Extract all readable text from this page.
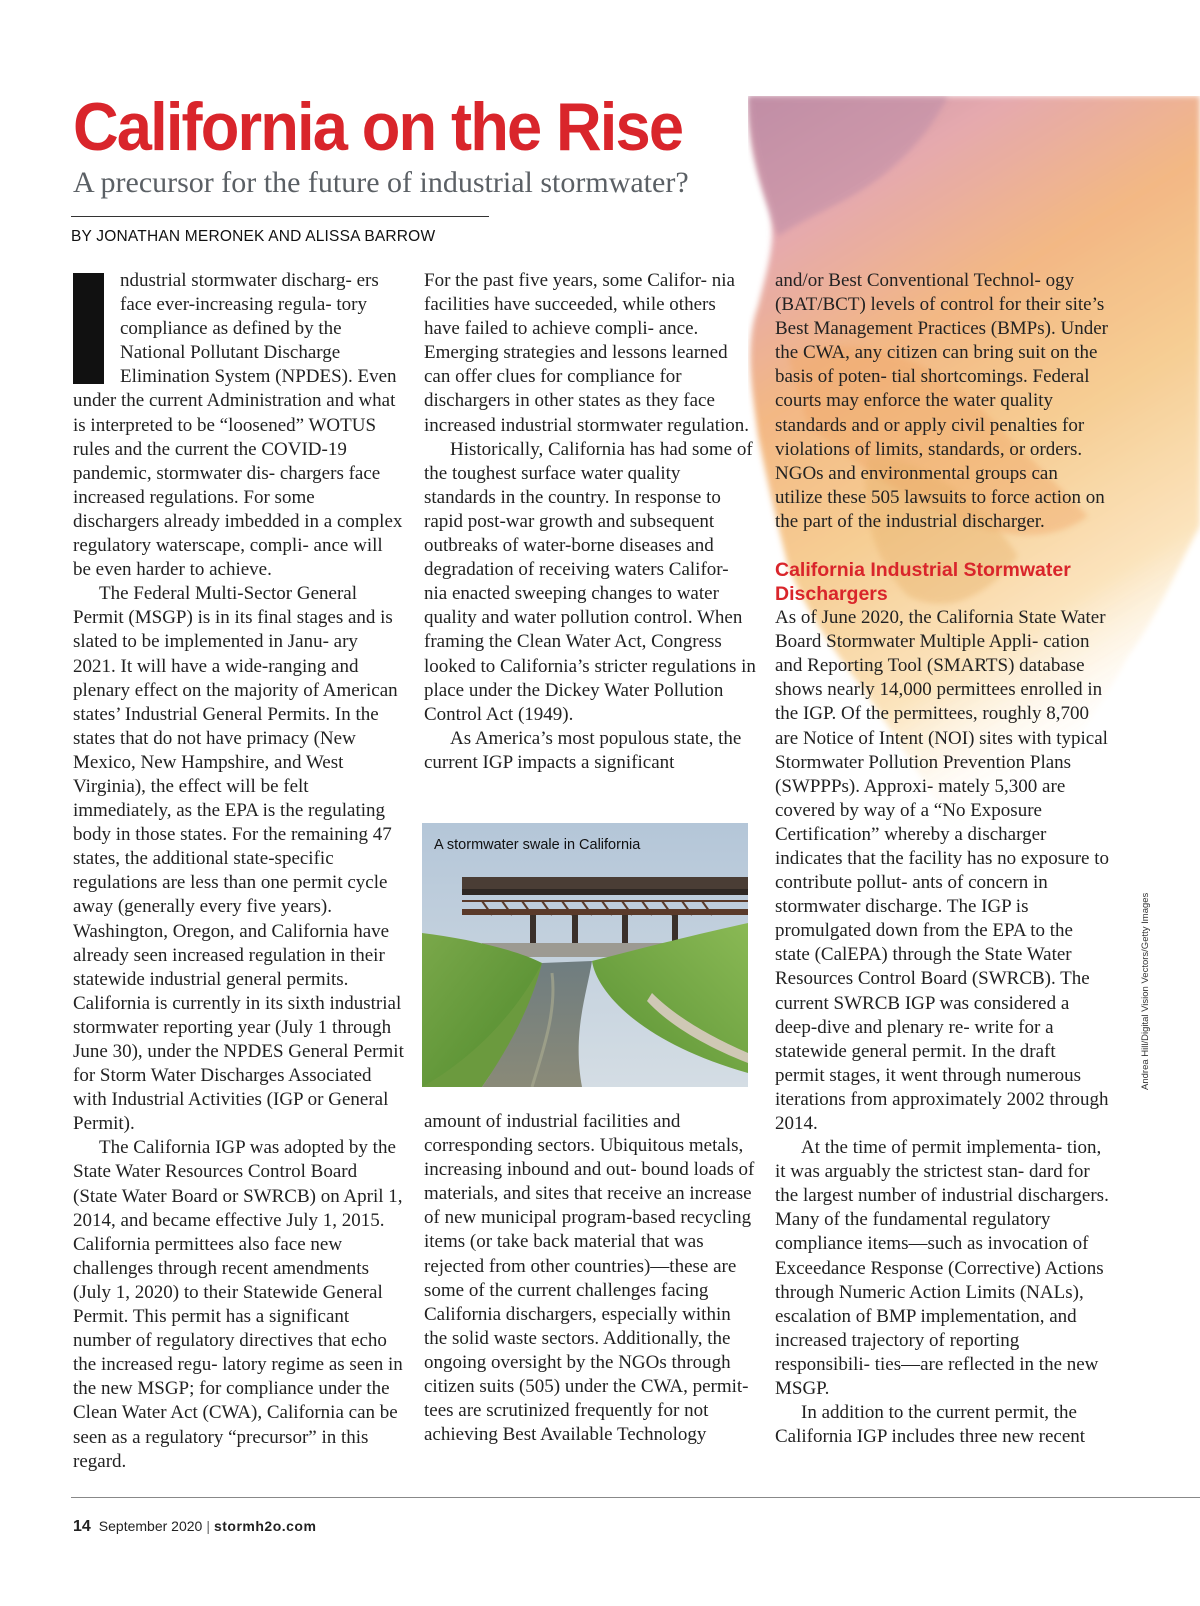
Andrea Hill/Digital Vision Vectors/Getty Images
California on the Rise
A precursor for the future of industrial stormwater?
BY JONATHAN MERONEK AND ALISSA BARROW

ndustrial stormwater discharg- ers face ever-increasing regula- tory compliance as defined by the National Pollutant Discharge Elimination System (NPDES). Even under the current Administration and what is interpreted to be “loosened” WOTUS rules and the current the COVID-19 pandemic, stormwater dis- chargers face increased regulations. For some dischargers already imbedded in a complex regulatory waterscape, compli- ance will be even harder to achieve.

The Federal Multi-Sector General Permit (MSGP) is in its final stages and is slated to be implemented in Janu- ary 2021. It will have a wide-ranging and plenary effect on the majority of American states’ Industrial General Permits. In the states that do not have primacy (New Mexico, New Hampshire, and West Virginia), the effect will be felt immediately, as the EPA is the regulating body in those states. For the remaining 47 states, the additional state-specific regulations are less than one permit cycle away (generally every five years). Washington, Oregon, and California have already seen increased regulation in their statewide industrial general permits. California is currently in its sixth industrial stormwater reporting year (July 1 through June 30), under the NPDES General Permit for Storm Water Discharges Associated with Industrial Activities (IGP or General Permit).

The California IGP was adopted by the State Water Resources Control Board (State Water Board or SWRCB) on April 1, 2014, and became effective July 1, 2015. California permittees also face new challenges through recent amendments (July 1, 2020) to their Statewide General Permit. This permit has a significant number of regulatory directives that echo the increased regu- latory regime as seen in the new MSGP; for compliance under the Clean Water Act (CWA), California can be seen as a regulatory “precursor” in this regard.

For the past five years, some Califor- nia facilities have succeeded, while others have failed to achieve compli- ance. Emerging strategies and lessons learned can offer clues for compliance for dischargers in other states as they face increased industrial stormwater regulation.

Historically, California has had some of the toughest surface water quality standards in the country. In response to rapid post-war growth and subsequent outbreaks of water-borne diseases and degradation of receiving waters Califor- nia enacted sweeping changes to water quality and water pollution control. When framing the Clean Water Act, Congress looked to California’s stricter regulations in place under the Dickey Water Pollution Control Act (1949).

As America’s most populous state, the current IGP impacts a significant

A stormwater swale in California

amount of industrial facilities and corresponding sectors. Ubiquitous metals, increasing inbound and out- bound loads of materials, and sites that receive an increase of new municipal program-based recycling items (or take back material that was rejected from other countries)—these are some of the current challenges facing California dischargers, especially within the solid waste sectors. Additionally, the ongoing oversight by the NGOs through citizen suits (505) under the CWA, permit- tees are scrutinized frequently for not achieving Best Available Technology

and/or Best Conventional Technol- ogy (BAT/BCT) levels of control for their site’s Best Management Practices (BMPs). Under the CWA, any citizen can bring suit on the basis of poten- tial shortcomings. Federal courts may enforce the water quality standards and or apply civil penalties for violations of limits, standards, or orders. NGOs and environmental groups can utilize these 505 lawsuits to force action on the part of the industrial discharger.

California Industrial Stormwater Dischargers

As of June 2020, the California State Water Board Stormwater Multiple Appli- cation and Reporting Tool (SMARTS) database shows nearly 14,000 permittees enrolled in the IGP. Of the permittees, roughly 8,700 are Notice of Intent (NOI) sites with typical Stormwater Pollution Prevention Plans (SWPPPs). Approxi- mately 5,300 are covered by way of a “No Exposure Certification” whereby a discharger indicates that the facility has no exposure to contribute pollut- ants of concern in stormwater discharge. The IGP is promulgated down from the EPA to the state (CalEPA) through the State Water Resources Control Board (SWRCB). The current SWRCB IGP was considered a deep-dive and plenary re- write for a statewide general permit. In the draft permit stages, it went through numerous iterations from approximately 2002 through 2014.

At the time of permit implementa- tion, it was arguably the strictest stan- dard for the largest number of industrial dischargers. Many of the fundamental regulatory compliance items—such as invocation of Exceedance Response (Corrective) Actions through Numeric Action Limits (NALs), escalation of BMP implementation, and increased trajectory of reporting responsibili- ties—are reflected in the new MSGP.

In addition to the current permit, the California IGP includes three new recent

14 September 2020 | stormh2o.com
